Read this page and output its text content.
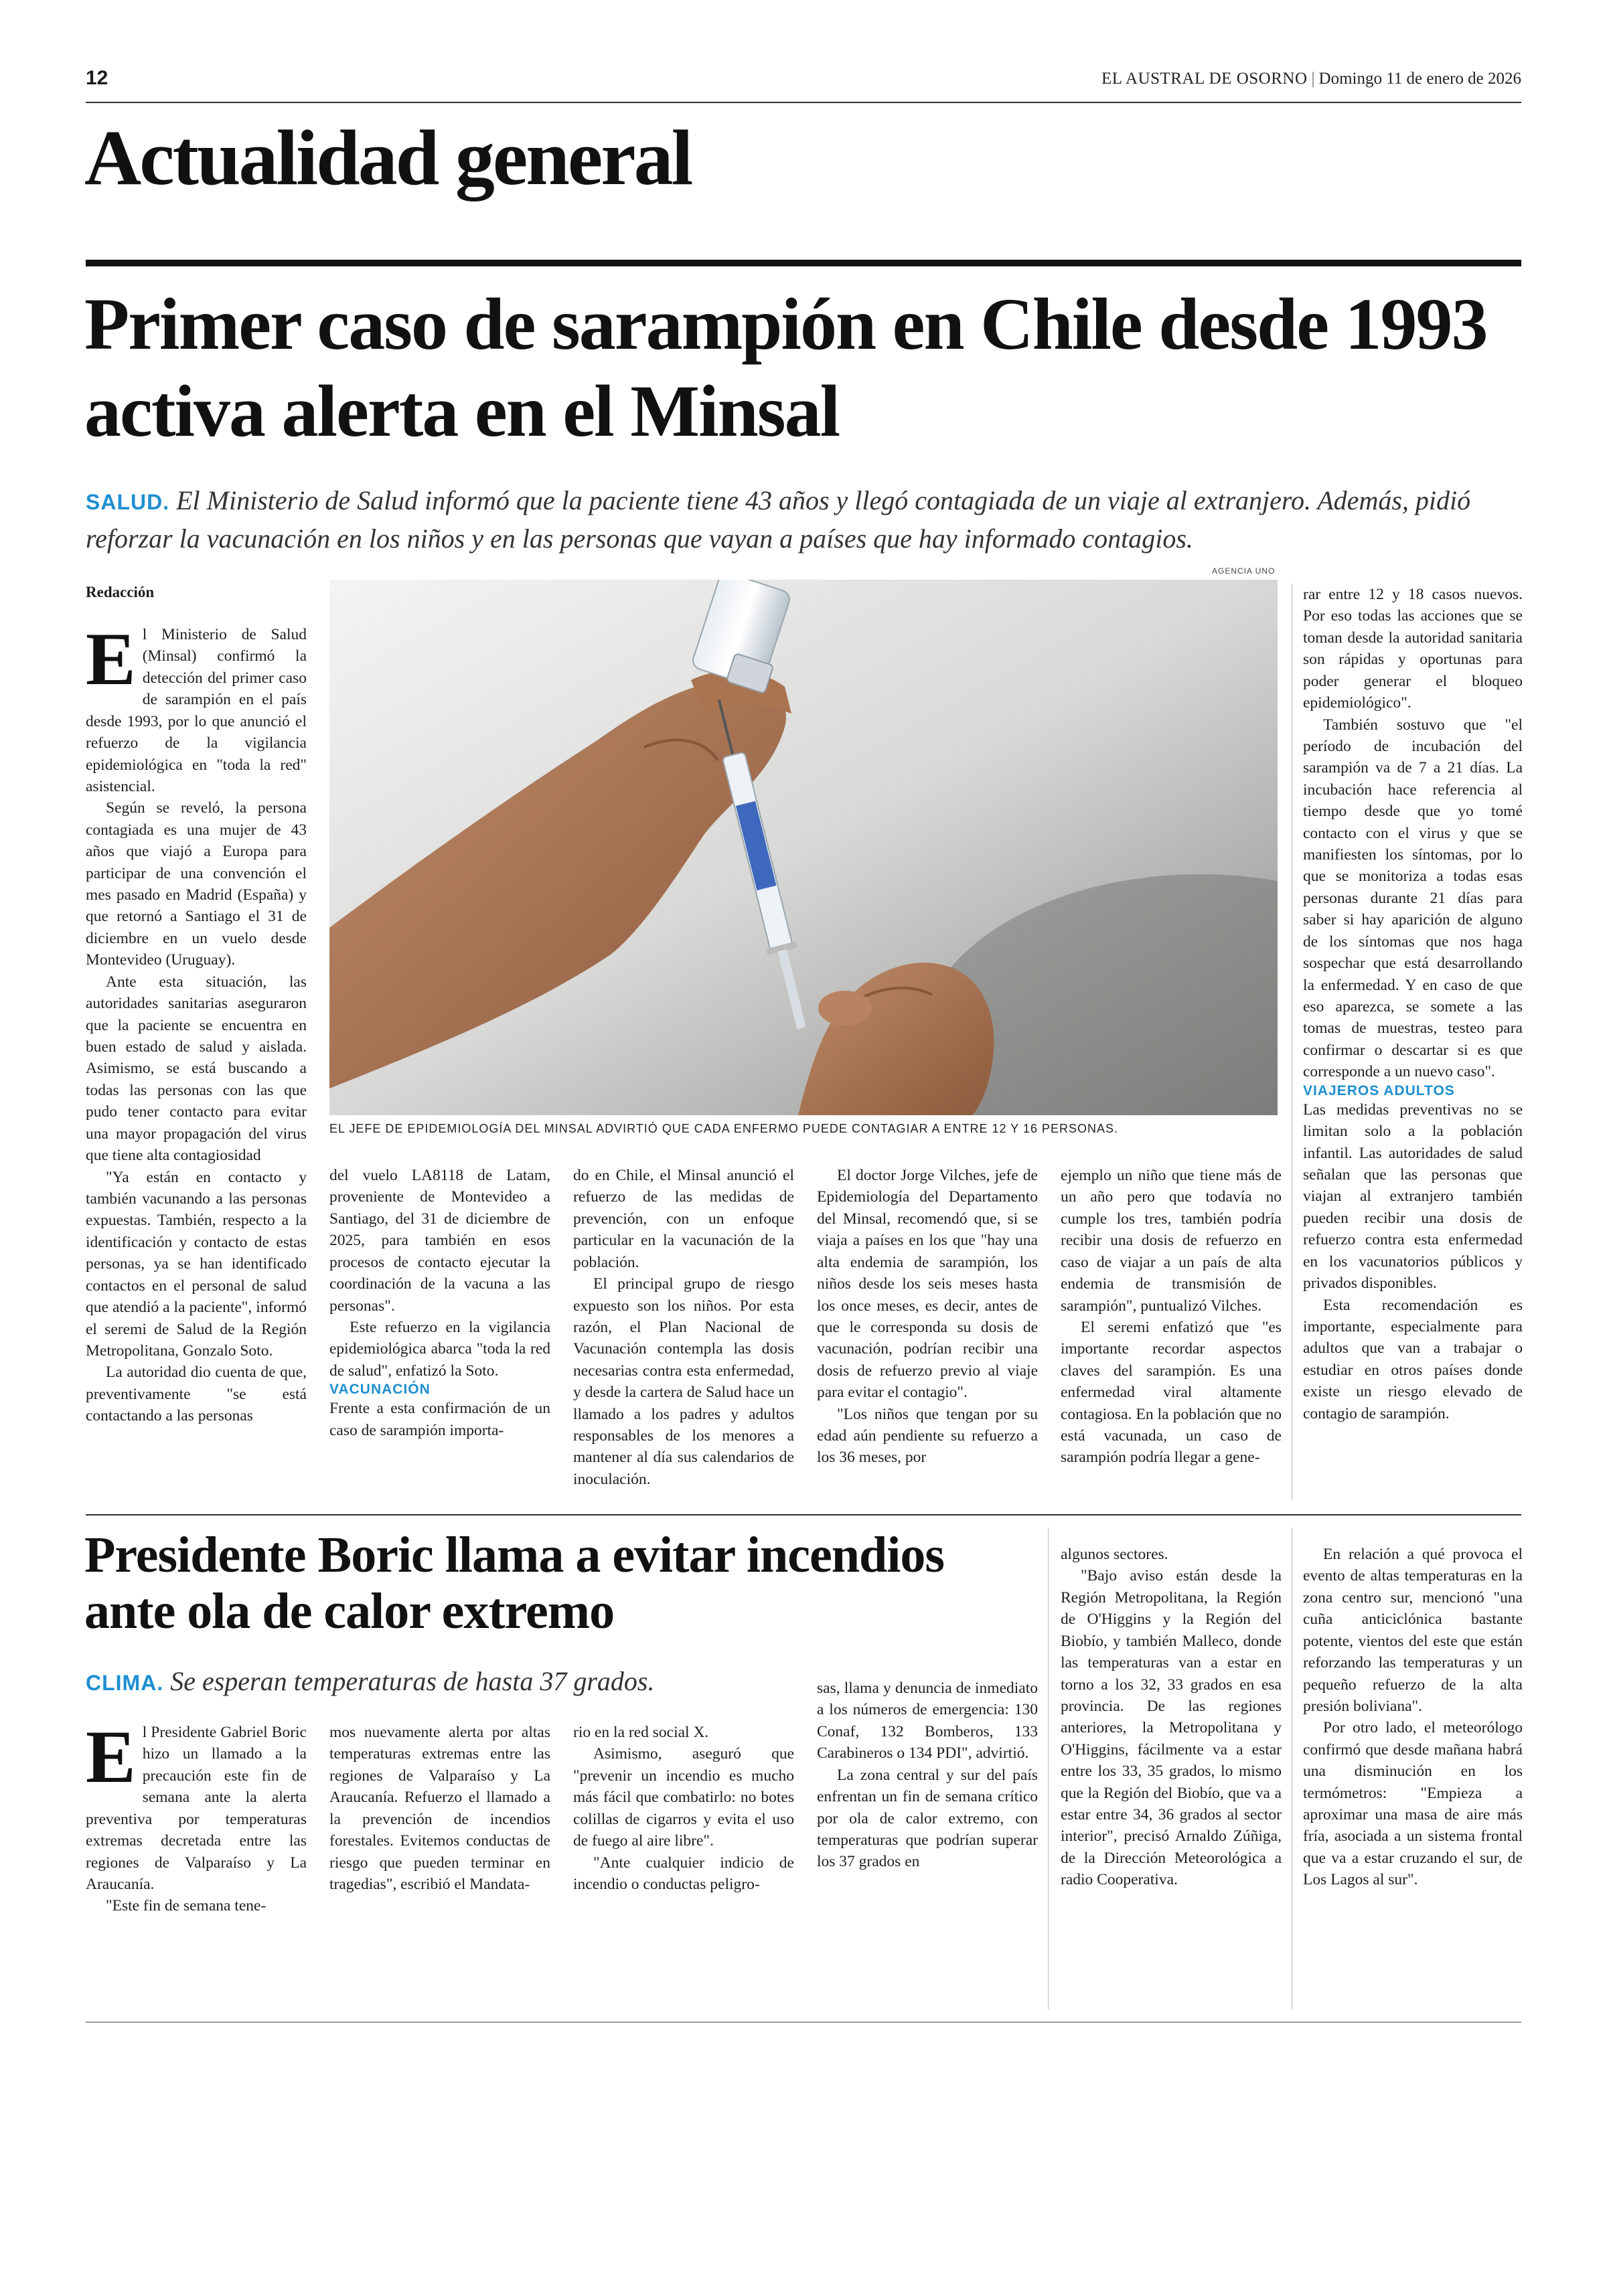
12	EL AUSTRAL DE OSORNO | Domingo 11 de enero de 2026
Actualidad general
Primer caso de sarampión en Chile desde 1993 activa alerta en el Minsal
SALUD. El Ministerio de Salud informó que la paciente tiene 43 años y llegó contagiada de un viaje al extranjero. Además, pidió reforzar la vacunación en los niños y en las personas que vayan a países que hay informado contagios.
AGENCIA UNO
EL JEFE DE EPIDEMIOLOGÍA DEL MINSAL ADVIRTIÓ QUE CADA ENFERMO PUEDE CONTAGIAR A ENTRE 12 Y 16 PERSONAS.

Redacción

El Ministerio de Salud (Minsal) confirmó la detección del primer caso de sarampión en el país desde 1993, por lo que anunció el refuerzo de la vigilancia epidemiológica en "toda la red" asistencial.

Según se reveló, la persona contagiada es una mujer de 43 años que viajó a Europa para participar de una convención el mes pasado en Madrid (España) y que retornó a Santiago el 31 de diciembre en un vuelo desde Montevideo (Uruguay).

Ante esta situación, las autoridades sanitarias aseguraron que la paciente se encuentra en buen estado de salud y aislada. Asimismo, se está buscando a todas las personas con las que pudo tener contacto para evitar una mayor propagación del virus que tiene alta contagiosidad

"Ya están en contacto y también vacunando a las personas expuestas. También, respecto a la identificación y contacto de estas personas, ya se han identificado contactos en el personal de salud que atendió a la paciente", informó el seremi de Salud de la Región Metropolitana, Gonzalo Soto.

La autoridad dio cuenta de que, preventivamente "se está contactando a las personas

del vuelo LA8118 de Latam, proveniente de Montevideo a Santiago, del 31 de diciembre de 2025, para también en esos procesos de contacto ejecutar la coordinación de la vacuna a las personas".

Este refuerzo en la vigilancia epidemiológica abarca "toda la red de salud", enfatizó la Soto.

VACUNACIÓN

Frente a esta confirmación de un caso de sarampión importa-

do en Chile, el Minsal anunció el refuerzo de las medidas de prevención, con un enfoque particular en la vacunación de la población.

El principal grupo de riesgo expuesto son los niños. Por esta razón, el Plan Nacional de Vacunación contempla las dosis necesarias contra esta enfermedad, y desde la cartera de Salud hace un llamado a los padres y adultos responsables de los menores a mantener al día sus calendarios de inoculación.

El doctor Jorge Vilches, jefe de Epidemiología del Departamento del Minsal, recomendó que, si se viaja a países en los que "hay una alta endemia de sarampión, los niños desde los seis meses hasta los once meses, es decir, antes de que le corresponda su dosis de vacunación, podrían recibir una dosis de refuerzo previo al viaje para evitar el contagio".

"Los niños que tengan por su edad aún pendiente su refuerzo a los 36 meses, por

ejemplo un niño que tiene más de un año pero que todavía no cumple los tres, también podría recibir una dosis de refuerzo en caso de viajar a un país de alta endemia de transmisión de sarampión", puntualizó Vilches.

El seremi enfatizó que "es importante recordar aspectos claves del sarampión. Es una enfermedad viral altamente contagiosa. En la población que no está vacunada, un caso de sarampión podría llegar a gene-

rar entre 12 y 18 casos nuevos. Por eso todas las acciones que se toman desde la autoridad sanitaria son rápidas y oportunas para poder generar el bloqueo epidemiológico".

También sostuvo que "el período de incubación del sarampión va de 7 a 21 días. La incubación hace referencia al tiempo desde que yo tomé contacto con el virus y que se manifiesten los síntomas, por lo que se monitoriza a todas esas personas durante 21 días para saber si hay aparición de alguno de los síntomas que nos haga sospechar que está desarrollando la enfermedad. Y en caso de que eso aparezca, se somete a las tomas de muestras, testeo para confirmar o descartar si es que corresponde a un nuevo caso".

VIAJEROS ADULTOS

Las medidas preventivas no se limitan solo a la población infantil. Las autoridades de salud señalan que las personas que viajan al extranjero también pueden recibir una dosis de refuerzo contra esta enfermedad en los vacunatorios públicos y privados disponibles.

Esta recomendación es importante, especialmente para adultos que van a trabajar o estudiar en otros países donde existe un riesgo elevado de contagio de sarampión.

Presidente Boric llama a evitar incendios ante ola de calor extremo
CLIMA. Se esperan temperaturas de hasta 37 grados.

El Presidente Gabriel Boric hizo un llamado a la precaución este fin de semana ante la alerta preventiva por temperaturas extremas decretada entre las regiones de Valparaíso y La Araucanía.

"Este fin de semana tene-

mos nuevamente alerta por altas temperaturas extremas entre las regiones de Valparaíso y La Araucanía. Refuerzo el llamado a la prevención de incendios forestales. Evitemos conductas de riesgo que pueden terminar en tragedias", escribió el Mandata-

rio en la red social X.

Asimismo, aseguró que "prevenir un incendio es mucho más fácil que combatirlo: no botes colillas de cigarros y evita el uso de fuego al aire libre".

"Ante cualquier indicio de incendio o conductas peligro-

sas, llama y denuncia de inmediato a los números de emergencia: 130 Conaf, 132 Bomberos, 133 Carabineros o 134 PDI", advirtió.

La zona central y sur del país enfrentan un fin de semana crítico por ola de calor extremo, con temperaturas que podrían superar los 37 grados en

algunos sectores.

"Bajo aviso están desde la Región Metropolitana, la Región de O'Higgins y la Región del Biobío, y también Malleco, donde las temperaturas van a estar en torno a los 32, 33 grados en esa provincia. De las regiones anteriores, la Metropolitana y O'Higgins, fácilmente va a estar entre los 33, 35 grados, lo mismo que la Región del Biobío, que va a estar entre 34, 36 grados al sector interior", precisó Arnaldo Zúñiga, de la Dirección Meteorológica a radio Cooperativa.

En relación a qué provoca el evento de altas temperaturas en la zona centro sur, mencionó "una cuña anticiclónica bastante potente, vientos del este que están reforzando las temperaturas y un pequeño refuerzo de la alta presión boliviana".

Por otro lado, el meteorólogo confirmó que desde mañana habrá una disminución en los termómetros: "Empieza a aproximar una masa de aire más fría, asociada a un sistema frontal que va a estar cruzando el sur, de Los Lagos al sur".
